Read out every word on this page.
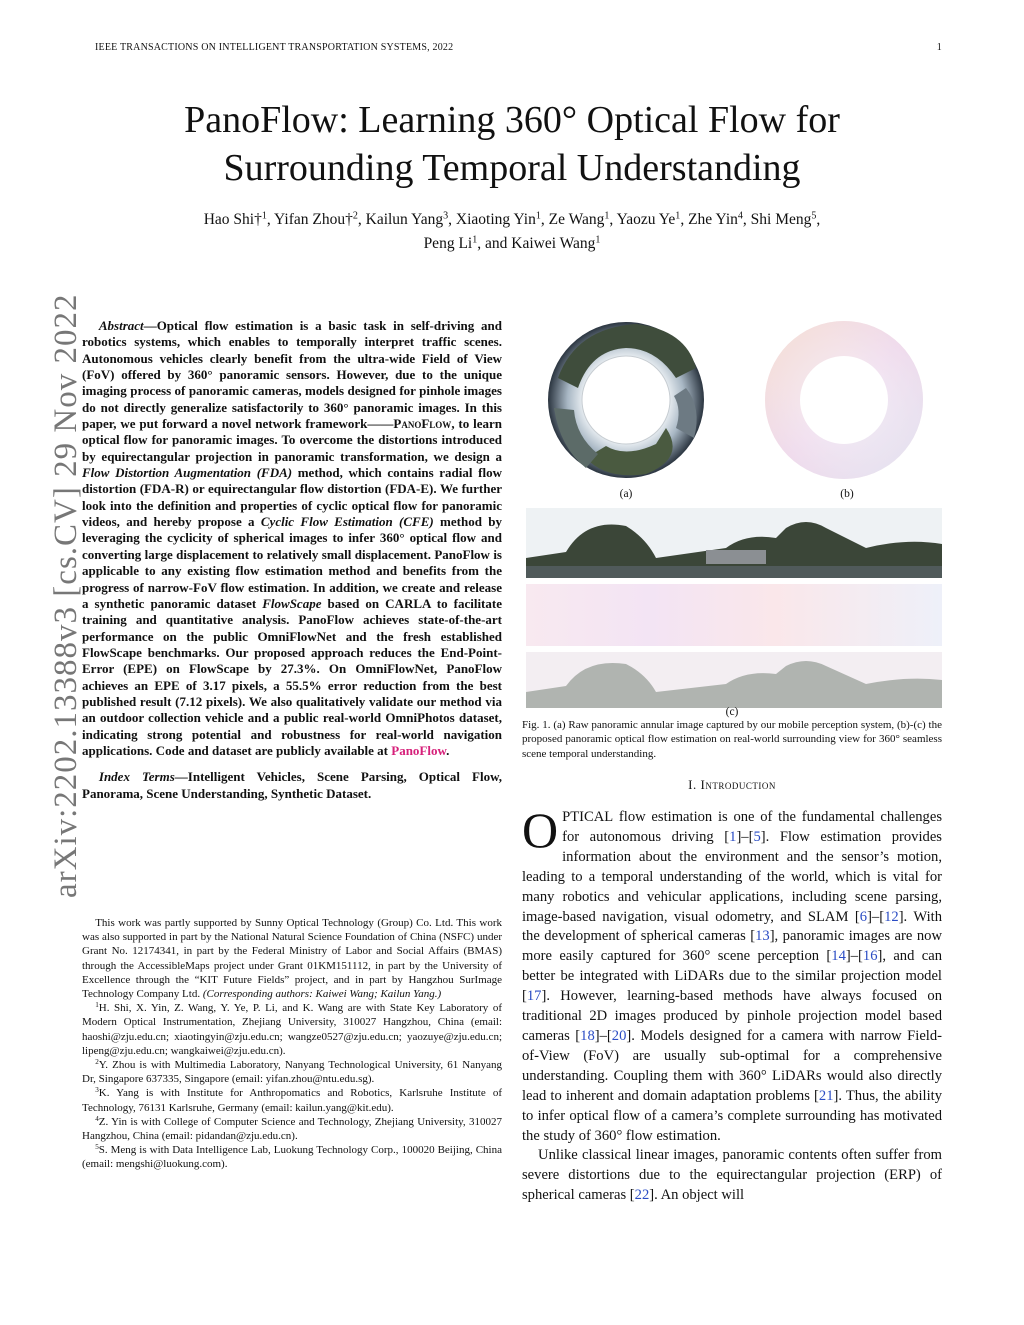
IEEE TRANSACTIONS ON INTELLIGENT TRANSPORTATION SYSTEMS, 2022	1
arXiv:2202.13388v3 [cs.CV] 29 Nov 2022
PanoFlow: Learning 360° Optical Flow for
Surrounding Temporal Understanding
Hao Shi†$^1$, Yifan Zhou†$^2$, Kailun Yang$^3$, Xiaoting Yin$^1$, Ze Wang$^1$, Yaozu Ye$^1$, Zhe Yin$^4$, Shi Meng$^5$,
Peng Li$^1$, and Kaiwei Wang$^1$

Abstract—Optical flow estimation is a basic task in self-driving and robotics systems, which enables to temporally interpret traffic scenes. Autonomous vehicles clearly benefit from the ultra-wide Field of View (FoV) offered by 360° panoramic sensors. However, due to the unique imaging process of panoramic cameras, models designed for pinhole images do not directly generalize satisfactorily to 360° panoramic images. In this paper, we put forward a novel network framework——PanoFlow, to learn optical flow for panoramic images. To overcome the distortions introduced by equirectangular projection in panoramic transformation, we design a Flow Distortion Augmentation (FDA) method, which contains radial flow distortion (FDA-R) or equirectangular flow distortion (FDA-E). We further look into the definition and properties of cyclic optical flow for panoramic videos, and hereby propose a Cyclic Flow Estimation (CFE) method by leveraging the cyclicity of spherical images to infer 360° optical flow and converting large displacement to relatively small displacement. PanoFlow is applicable to any existing flow estimation method and benefits from the progress of narrow-FoV flow estimation. In addition, we create and release a synthetic panoramic dataset FlowScape based on CARLA to facilitate training and quantitative analysis. PanoFlow achieves state-of-the-art performance on the public OmniFlowNet and the fresh established FlowScape benchmarks. Our proposed approach reduces the End-Point-Error (EPE) on FlowScape by 27.3%. On OmniFlowNet, PanoFlow achieves an EPE of 3.17 pixels, a 55.5% error reduction from the best published result (7.12 pixels). We also qualitatively validate our method via an outdoor collection vehicle and a public real-world OmniPhotos dataset, indicating strong potential and robustness for real-world navigation applications. Code and dataset are publicly available at PanoFlow.

Index Terms—Intelligent Vehicles, Scene Parsing, Optical Flow, Panorama, Scene Understanding, Synthetic Dataset.

This work was partly supported by Sunny Optical Technology (Group) Co. Ltd. This work was also supported in part by the National Natural Science Foundation of China (NSFC) under Grant No. 12174341, in part by the Federal Ministry of Labor and Social Affairs (BMAS) through the AccessibleMaps project under Grant 01KM151112, in part by the University of Excellence through the “KIT Future Fields” project, and in part by Hangzhou SurImage Technology Company Ltd. (Corresponding authors: Kaiwei Wang; Kailun Yang.)

$^1$H. Shi, X. Yin, Z. Wang, Y. Ye, P. Li, and K. Wang are with State Key Laboratory of Modern Optical Instrumentation, Zhejiang University, 310027 Hangzhou, China (email: haoshi@zju.edu.cn; xiaotingyin@zju.edu.cn; wangze0527@zju.edu.cn; yaozuye@zju.edu.cn; lipeng@zju.edu.cn; wangkaiwei@zju.edu.cn).

$^2$Y. Zhou is with Multimedia Laboratory, Nanyang Technological University, 61 Nanyang Dr, Singapore 637335, Singapore (email: yifan.zhou@ntu.edu.sg).

$^3$K. Yang is with Institute for Anthropomatics and Robotics, Karlsruhe Institute of Technology, 76131 Karlsruhe, Germany (email: kailun.yang@kit.edu).

$^4$Z. Yin is with College of Computer Science and Technology, Zhejiang University, 310027 Hangzhou, China (email: pidandan@zju.edu.cn).

$^5$S. Meng is with Data Intelligence Lab, Luokung Technology Corp., 100020 Beijing, China (email: mengshi@luokung.com).

(a)	(b)
(c)

Fig. 1. (a) Raw panoramic annular image captured by our mobile perception system, (b)-(c) the proposed panoramic optical flow estimation on real-world surrounding view for 360° seamless scene temporal understanding.

I. Introduction

OPTICAL flow estimation is one of the fundamental challenges for autonomous driving [1]–[5]. Flow estimation provides information about the environment and the sensor’s motion, leading to a temporal understanding of the world, which is vital for many robotics and vehicular applications, including scene parsing, image-based navigation, visual odometry, and SLAM [6]–[12]. With the development of spherical cameras [13], panoramic images are now more easily captured for 360° scene perception [14]–[16], and can better be integrated with LiDARs due to the similar projection model [17]. However, learning-based methods have always focused on traditional 2D images produced by pinhole projection model based cameras [18]–[20]. Models designed for a camera with narrow Field-of-View (FoV) are usually sub-optimal for a comprehensive understanding. Coupling them with 360° LiDARs would also directly lead to inherent and domain adaptation problems [21]. Thus, the ability to infer optical flow of a camera’s complete surrounding has motivated the study of 360° flow estimation.

Unlike classical linear images, panoramic contents often suffer from severe distortions due to the equirectangular projection (ERP) of spherical cameras [22]. An object will
